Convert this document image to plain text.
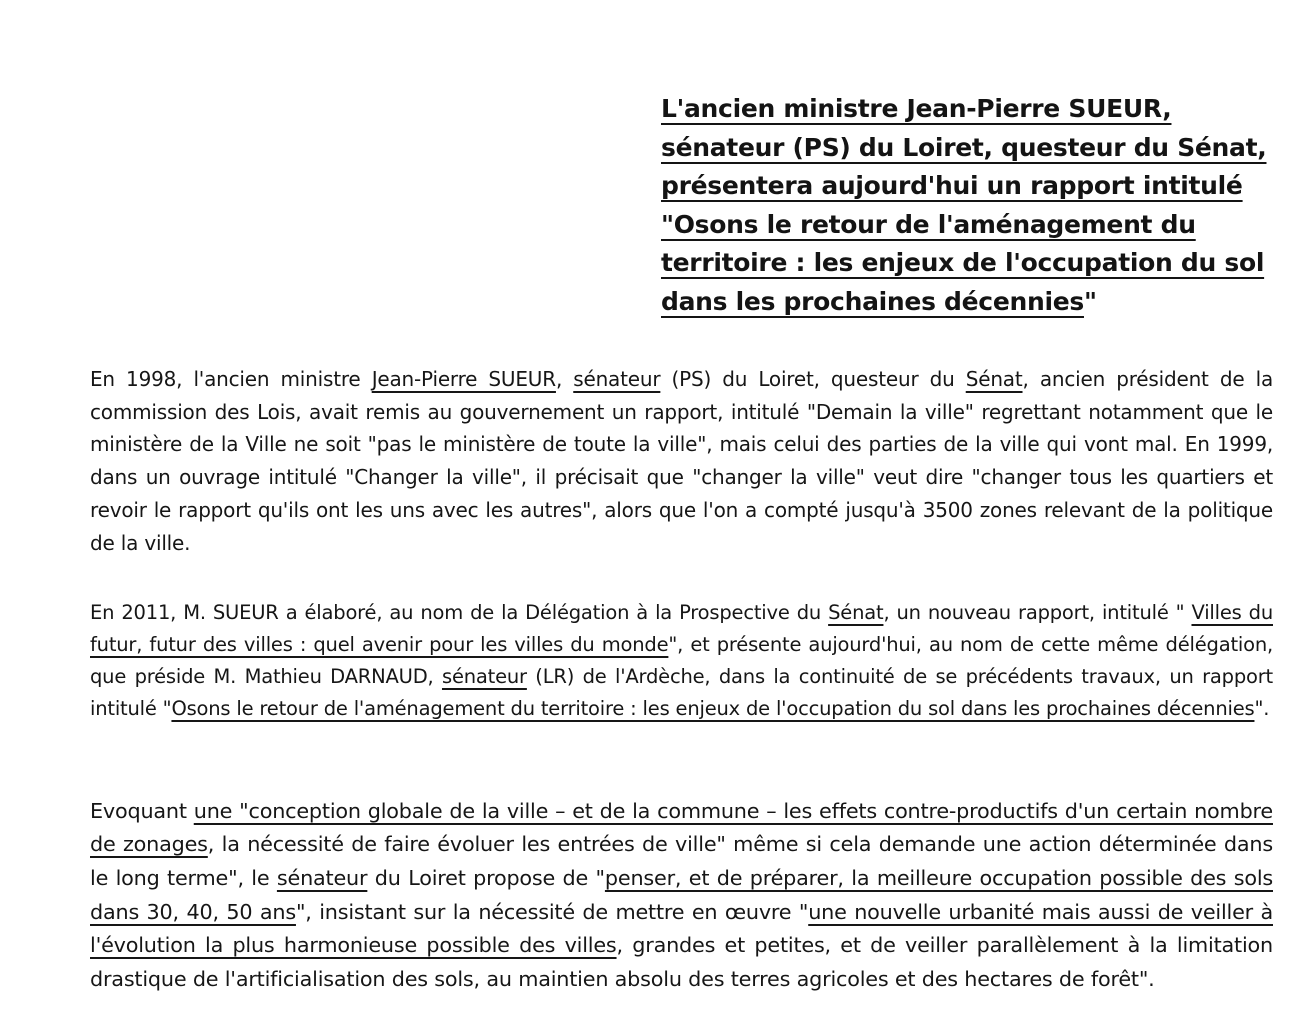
L'ancien ministre Jean-Pierre SUEUR,
sénateur (PS) du Loiret, questeur du Sénat,
présentera aujourd'hui un rapport intitulé
"Osons le retour de l'aménagement du
territoire : les enjeux de l'occupation du sol
dans les prochaines décennies"

En 1998, l'ancien ministre Jean-Pierre SUEUR, sénateur (PS) du Loiret, questeur du Sénat, ancien président de la commission des Lois, avait remis au gouvernement un rapport, intitulé "Demain la ville" regrettant notamment que le ministère de la Ville ne soit "pas le ministère de toute la ville", mais celui des parties de la ville qui vont mal. En 1999, dans un ouvrage intitulé "Changer la ville", il précisait que "changer la ville" veut dire "changer tous les quartiers et revoir le rapport qu'ils ont les uns avec les autres", alors que l'on a compté jusqu'à 3500 zones relevant de la politique de la ville.

En 2011, M. SUEUR a élaboré, au nom de la Délégation à la Prospective du Sénat, un nouveau rapport, intitulé " Villes du futur, futur des villes : quel avenir pour les villes du monde", et présente aujourd'hui, au nom de cette même délégation, que préside M. Mathieu DARNAUD, sénateur (LR) de l'Ardèche, dans la continuité de se précédents travaux, un rapport intitulé "Osons le retour de l'aménagement du territoire : les enjeux de l'occupation du sol dans les prochaines décennies".

Evoquant une "conception globale de la ville – et de la commune – les effets contre-productifs d'un certain nombre de zonages, la nécessité de faire évoluer les entrées de ville" même si cela demande une action déterminée dans le long terme", le sénateur du Loiret propose de "penser, et de préparer, la meilleure occupation possible des sols dans 30, 40, 50 ans", insistant sur la nécessité de mettre en œuvre "une nouvelle urbanité mais aussi de veiller à l'évolution la plus harmonieuse possible des villes, grandes et petites, et de veiller parallèlement à la limitation drastique de l'artificialisation des sols, au maintien absolu des terres agricoles et des hectares de forêt".
